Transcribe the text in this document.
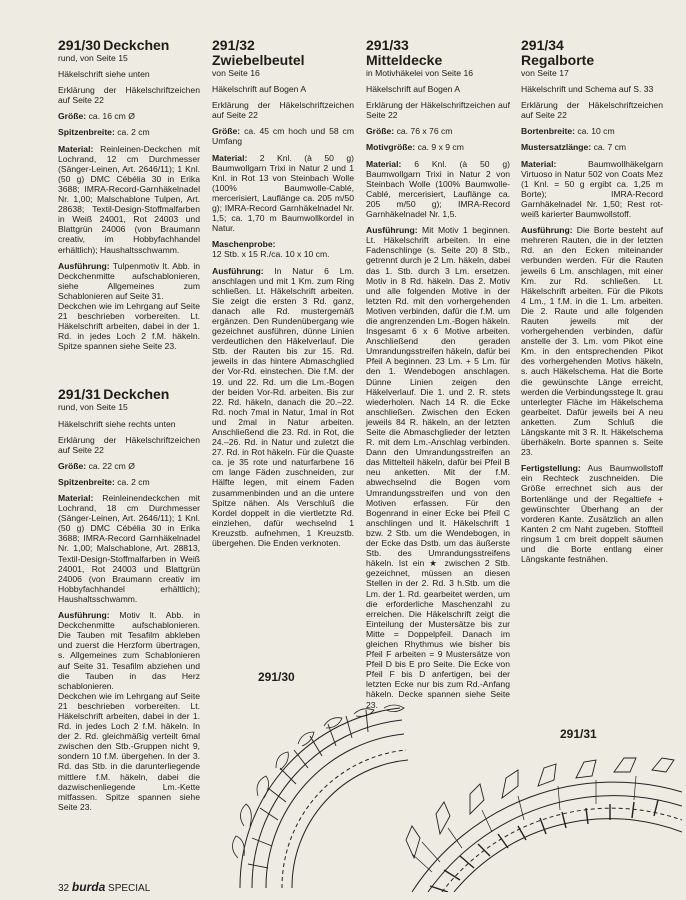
291/30 Deckchen
rund, von Seite 15

Häkelschrift siehe unten

Erklärung der Häkelschriftzeichen auf Seite 22

Größe: ca. 16 cm Ø

Spitzenbreite: ca. 2 cm

Material: Reinleinen-Deckchen mit Lochrand, 12 cm Durchmesser (Sänger-Leinen, Art. 2646/11); 1 Knl. (50 g) DMC Cébélia 30 in Erika 3688; IMRA-Record-Garnhäkelnadel Nr. 1,00; Malschablone Tulpen, Art. 28638; Textil-Design-Stoffmalfarben in Weiß 24001, Rot 24003 und Blattgrün 24006 (von Braumann creativ, im Hobbyfachhandel erhältlich); Haushaltsschwamm.

Ausführung: Tulpenmotiv lt. Abb. in Deckchenmitte aufschablonieren, siehe Allgemeines zum Schablonieren auf Seite 31.

Deckchen wie im Lehrgang auf Seite 21 beschrieben vorbereiten. Lt. Häkelschrift arbeiten, dabei in der 1. Rd. in jedes Loch 2 f.M. häkeln. Spitze spannen siehe Seite 23.

291/31 Deckchen
rund, von Seite 15

Häkelschrift siehe rechts unten

Erklärung der Häkelschriftzeichen auf Seite 22

Größe: ca. 22 cm Ø

Spitzenbreite: ca. 2 cm

Material: Reinleinendeckchen mit Lochrand, 18 cm Durchmesser (Sänger-Leinen, Art. 2646/11); 1 Knl. (50 g) DMC Cébélia 30 in Erika 3688; IMRA-Record Garnhäkelnadel Nr. 1,00; Malschablone, Art. 28813, Textil-Design-Stoffmalfarben in Weiß 24001, Rot 24003 und Blattgrün 24006 (von Braumann creativ im Hobbyfachhandel erhältlich); Haushaltsschwamm.

Ausführung: Motiv lt. Abb. in Deckchenmitte aufschablonieren. Die Tauben mit Tesafilm abkleben und zuerst die Herzform übertragen, s. Allgemeines zum Schablonieren auf Seite 31. Tesafilm abziehen und die Tauben in das Herz schablonieren.

Deckchen wie im Lehrgang auf Seite 21 beschrieben vorbereiten. Lt. Häkelschrift arbeiten, dabei in der 1. Rd. in jedes Loch 2 f.M. häkeln. In der 2. Rd. gleichmäßig verteilt 6mal zwischen den Stb.-Gruppen nicht 9, sondern 10 f.M. übergehen. In der 3. Rd. das Stb. in die darunterliegende mittlere f.M. häkeln, dabei die dazwischenliegende Lm.-Kette mitfassen. Spitze spannen siehe Seite 23.

291/32
Zwiebelbeutel
von Seite 16

Häkelschrift auf Bogen A

Erklärung der Häkelschriftzeichen auf Seite 22

Größe: ca. 45 cm hoch und 58 cm Umfang

Material: 2 Knl. (à 50 g) Baumwollgarn Trixi in Natur 2 und 1 Knl. in Rot 13 von Steinbach Wolle (100% Baumwolle-Cablé, mercerisiert, Lauflänge ca. 205 m/50 g); IMRA-Record Garnhäkelnadel Nr. 1,5; ca. 1,70 m Baumwollkordel in Natur.

Maschenprobe:

12 Stb. x 15 R./ca. 10 x 10 cm.

Ausführung: In Natur 6 Lm. anschlagen und mit 1 Km. zum Ring schließen. Lt. Häkelschrift arbeiten. Sie zeigt die ersten 3 Rd. ganz, danach alle Rd. mustergemäß ergänzen. Den Rundenübergang wie gezeichnet ausführen, dünne Linien verdeutlichen den Häkelverlauf. Die Stb. der Rauten bis zur 15. Rd. jeweils in das hintere Abmaschglied der Vor-Rd. einstechen. Die f.M. der 19. und 22. Rd. um die Lm.-Bogen der beiden Vor-Rd. arbeiten. Bis zur 22. Rd. häkeln, danach die 20.–22. Rd. noch 7mal in Natur, 1mal in Rot und 2mal in Natur arbeiten. Anschließend die 23. Rd. in Rot, die 24.–26. Rd. in Natur und zuletzt die 27. Rd. in Rot häkeln. Für die Quaste ca. je 35 rote und naturfarbene 16 cm lange Fäden zuschneiden, zur Hälfte legen, mit einem Faden zusammenbinden und an die untere Spitze nähen. Als Verschluß die Kordel doppelt in die viertletzte Rd. einziehen, dafür wechselnd 1 Kreuzstb. aufnehmen, 1 Kreuzstb. übergehen. Die Enden verknoten.

291/33
Mitteldecke
in Motivhäkelei von Seite 16

Häkelschrift auf Bogen A

Erklärung der Häkelschriftzeichen auf Seite 22

Größe: ca. 76 x 76 cm

Motivgröße: ca. 9 x 9 cm

Material: 6 Knl. (à 50 g) Baumwollgarn Trixi in Natur 2 von Steinbach Wolle (100% Baumwolle-Cablé, mercerisiert, Lauflänge ca. 205 m/50 g); IMRA-Record Garnhäkelnadel Nr. 1,5.

Ausführung: Mit Motiv 1 beginnen. Lt. Häkelschrift arbeiten. In eine Fadenschlinge (s. Seite 20) 8 Stb., getrennt durch je 2 Lm. häkeln, dabei das 1. Stb. durch 3 Lm. ersetzen. Motiv in 8 Rd. häkeln. Das 2. Motiv und alle folgenden Motive in der letzten Rd. mit den vorhergehenden Motiven verbinden, dafür die f.M. um die angrenzenden Lm.-Bogen häkeln. Insgesamt 6 x 6 Motive arbeiten. Anschließend den geraden Umrandungsstreifen häkeln, dafür bei Pfeil A beginnen. 23 Lm. + 5 Lm. für den 1. Wendebogen anschlagen. Dünne Linien zeigen den Häkelverlauf. Die 1. und 2. R. stets wiederholen. Nach 14 R. die Ecke anschließen. Zwischen den Ecken jeweils 84 R. häkeln, an der letzten Seite die Abmaschglieder der letzten R. mit dem Lm.-Anschlag verbinden. Dann den Umrandungsstreifen an das Mittelteil häkeln, dafür bei Pfeil B neu anketten. Mit der f.M. abwechselnd die Bogen vom Umrandungsstreifen und von den Motiven erfassen. Für den Bogenrand in einer Ecke bei Pfeil C anschlingen und lt. Häkelschrift 1 bzw. 2 Stb. um die Wendebogen, in der Ecke das Dstb. um das äußerste Stb. des Umrandungsstreifens häkeln. Ist ein ★ zwischen 2 Stb. gezeichnet, müssen an diesen Stellen in der 2. Rd. 3 h.Stb. um die Lm. der 1. Rd. gearbeitet werden, um die erforderliche Maschenzahl zu erreichen. Die Häkelschrift zeigt die Einteilung der Mustersätze bis zur Mitte = Doppelpfeil. Danach im gleichen Rhythmus wie bisher bis Pfeil F arbeiten = 9 Mustersätze von Pfeil D bis E pro Seite. Die Ecke von Pfeil F bis D anfertigen, bei der letzten Ecke nur bis zum Rd.-Anfang häkeln. Decke spannen siehe Seite 23.

291/34
Regalborte
von Seite 17

Häkelschrift und Schema auf S. 33

Erklärung der Häkelschriftzeichen auf Seite 22

Bortenbreite: ca. 10 cm

Mustersatzlänge: ca. 7 cm

Material:	Baumwollhäkelgarn Virtuoso in Natur 502 von Coats Mez (1 Knl. = 50 g ergibt ca. 1,25 m Borte); IMRA-Record Garnhäkelnadel Nr. 1,50; Rest rot-weiß karierter Baumwollstoff.

Ausführung: Die Borte besteht auf mehreren Rauten, die in der letzten Rd. an den Ecken miteinander verbunden werden. Für die Rauten jeweils 6 Lm. anschlagen, mit einer Km. zur Rd. schließen. Lt. Häkelschrift arbeiten. Für die Pikots 4 Lm., 1 f.M. in die 1. Lm. arbeiten. Die 2. Raute und alle folgenden Rauten jeweils mit der vorhergehenden verbinden, dafür anstelle der 3. Lm. vom Pikot eine Km. in den entsprechenden Pikot des vorhergehenden Motivs häkeln, s. auch Häkelschema. Hat die Borte die gewünschte Länge erreicht, werden die Verbindungsstege lt. grau unterlegter Fläche im Häkelschema gearbeitet. Dafür jeweils bei A neu anketten. Zum Schluß die Längskante mit 3 R. lt. Häkelschema überhäkeln. Borte spannen s. Seite 23.

Fertigstellung: Aus Baumwollstoff ein Rechteck zuschneiden. Die Größe errechnet sich aus der Bortenlänge und der Regaltiefe + gewünschter Überhang an der vorderen Kante. Zusätzlich an allen Kanten 2 cm Naht zugeben. Stoffteil ringsum 1 cm breit doppelt säumen und die Borte entlang einer Längskante festnähen.

291/30
291/31
32 burda SPECIAL
